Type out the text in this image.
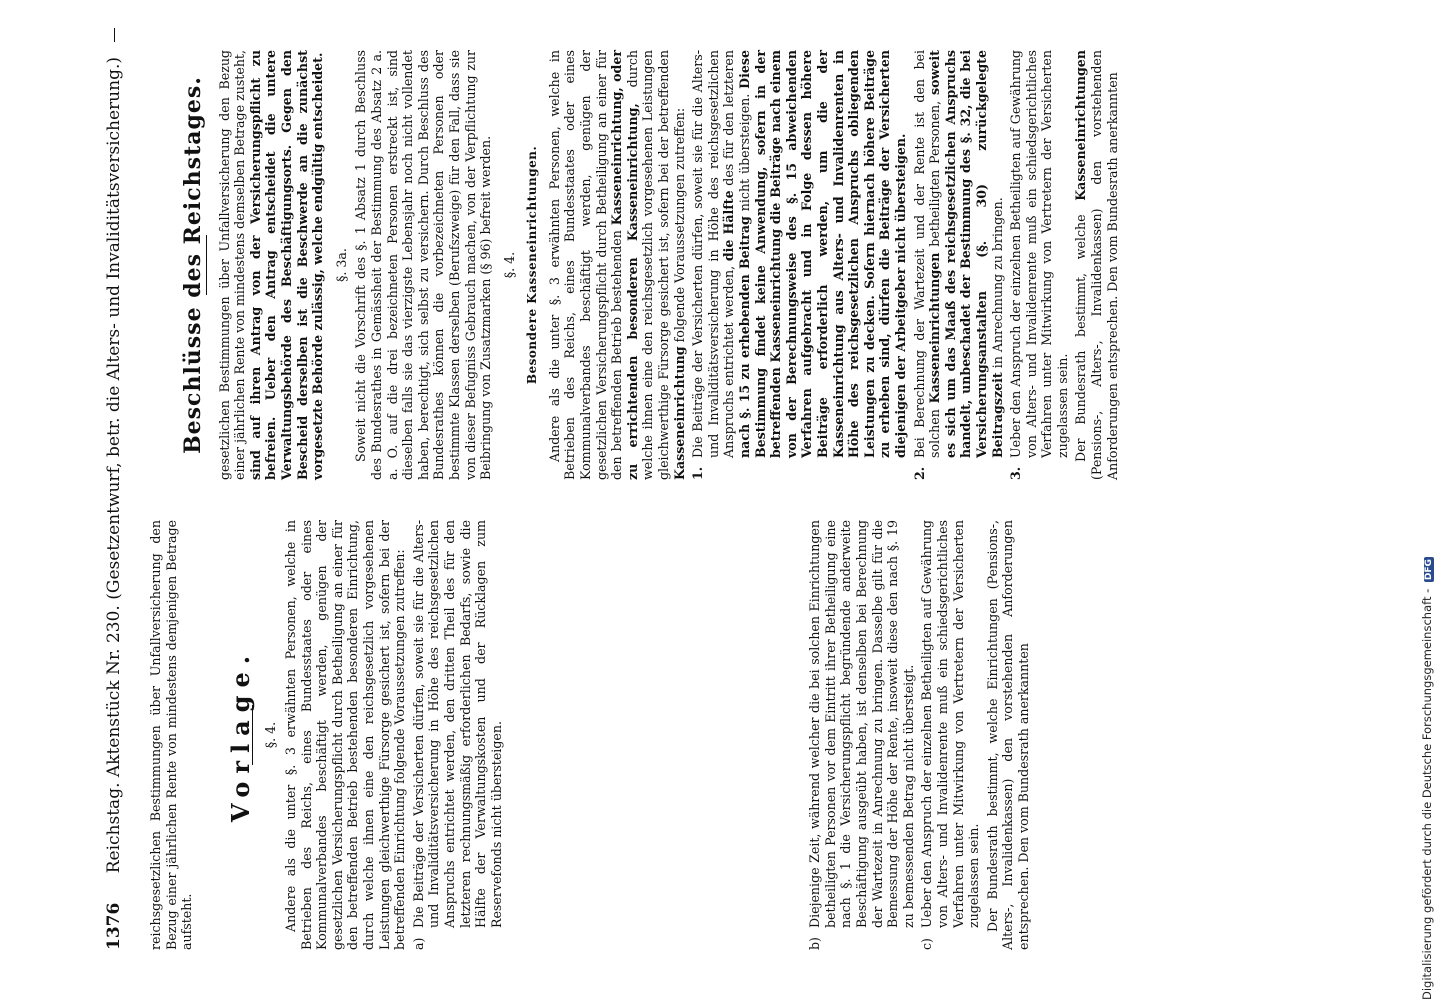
1376 Reichstag. Aktenstück Nr. 230. (Gesetzentwurf, betr. die Alters- und Invaliditätsversicherung.)	reichsgesetzlichen Bestimmungen über Unfallversicherung den Bezug einer jährlichen Rente von mindestens demjenigen Betrage aufsteht.

Vorlage. §. 4. Andere als die unter §. 3 erwähnten Personen, welche in Betrieben des Reichs, eines Bundesstaates oder eines Kommunalverbandes beschäftigt werden, genügen der gesetzlichen Versicherungspflicht durch Betheiligung an einer für den betreffenden Betrieb bestehenden besonderen Einrichtung, durch welche ihnen eine den reichsgesetzlich vorgesehenen Leistungen gleichwerthige Fürsorge gesichert ist, sofern bei der betreffenden Einrichtung folgende Voraussetzungen zutreffen: a)
Die Beiträge der Versicherten dürfen, soweit sie für die Alters- und Invaliditätsversicherung in Höhe des reichsgesetzlichen Anspruchs entrichtet werden, den dritten Theil des für den letzteren rechnungsmäßig erforderlichen Bedarfs, sowie die Hälfte der Verwaltungskosten und der Rücklagen zum Reservefonds nicht übersteigen.

b)
Diejenige Zeit, während welcher die bei solchen Einrichtungen betheiligten Personen vor dem Eintritt ihrer Betheiligung eine nach §. 1 die Versicherungspflicht begründende anderweite Beschäftigung ausgeübt haben, ist denselben bei Berechnung der Wartezeit in Anrechnung zu bringen. Dasselbe gilt für die Bemessung der Höhe der Rente, insoweit diese den nach §. 19 zu bemessenden Betrag nicht übersteigt.

c)
Ueber den Anspruch der einzelnen Betheiligten auf Gewährung von Alters- und Invalidenrente muß ein schiedsgerichtliches Verfahren unter Mitwirkung von Vertretern der Versicherten zugelassen sein. Der Bundesrath bestimmt, welche Einrichtungen (Pensions-, Alters-, Invalidenkassen) den vorstehenden Anforderungen entsprechen. Den vom Bundesrath anerkannten

Beschlüsse des Reichstages. gesetzlichen Bestimmungen über Unfallversicherung den Bezug einer jährlichen Rente von mindestens demselben Betrage zusteht, sind auf ihren Antrag von der Versicherungspflicht zu befreien. Ueber den Antrag entscheidet die untere Verwaltungsbehörde des Beschäftigungsorts. Gegen den Bescheid derselben ist die Beschwerde an die zunächst vorgesetzte Behörde zulässig, welche endgültig entscheidet. §. 3a. Soweit nicht die Vorschrift des §. 1 Absatz 1 durch Beschluss des Bundesrathes in Gemässheit der Bestimmung des Absatz 2 a. a. O. auf die drei bezeichneten Personen erstreckt ist, sind dieselben falls sie das vierzigste Lebensjahr noch nicht vollendet haben, berechtigt, sich selbst zu versichern. Durch Beschluss des Bundesrathes können die vorbezeichneten Personen oder bestimmte Klassen derselben (Berufszweige) für den Fall, dass sie von dieser Befugniss Gebrauch machen, von der Verpflichtung zur Beibringung von Zusatzmarken (§ 96) befreit werden. §. 4. Besondere Kasseneinrichtungen. Andere als die unter §. 3 erwähnten Personen, welche in Betrieben des Reichs, eines Bundesstaates oder eines Kommunalverbandes beschäftigt werden, genügen der gesetzlichen Versicherungspflicht durch Betheiligung an einer für den betreffenden Betrieb bestehenden Kasseneinrichtung, oder zu errichtenden besonderen Kasseneinrichtung, durch welche ihnen eine den reichsgesetzlich vorgesehenen Leistungen gleichwerthige Fürsorge gesichert ist, sofern bei der betreffenden Kasseneinrichtung folgende Voraussetzungen zutreffen:

1.
Die Beiträge der Versicherten dürfen, soweit sie für die Alters- und Invaliditätsversicherung in Höhe des reichsgesetzlichen Anspruchs entrichtet werden, die Hälfte des für den letzteren nach §. 15 zu erhebenden Beitrag nicht übersteigen. Diese Bestimmung findet keine Anwendung, sofern in der betreffenden Kasseneinrichtung die Beiträge nach einem von der Berechnungsweise des §. 15 abweichenden Verfahren aufgebracht und in Folge dessen höhere Beiträge erforderlich werden, um die der Kasseneinrichtung aus Alters- und Invalidenrenten in Höhe des reichsgesetzlichen Anspruchs obliegenden Leistungen zu decken. Sofern hiernach höhere Beiträge zu erheben sind, dürfen die Beiträge der Versicherten diejenigen der Arbeitgeber nicht übersteigen.

2.
Bei Berechnung der Wartezeit und der Rente ist den bei solchen Kasseneinrichtungen betheiligten Personen, soweit es sich um das Maaß des reichsgesetzlichen Anspruchs handelt, unbeschadet der Bestimmung des §. 32, die bei Versicherungsanstalten (§. 30) zurückgelegte Beitragszeit in Anrechnung zu bringen.

3.
Ueber den Anspruch der einzelnen Betheiligten auf Gewährung von Alters- und Invalidenrente muß ein schiedsgerichtliches Verfahren unter Mitwirkung von Vertretern der Versicherten zugelassen sein. Der Bundesrath bestimmt, welche Kasseneinrichtungen (Pensions-, Alters-, Invalidenkassen) den vorstehenden Anforderungen entsprechen. Den vom Bundesrath anerkannten

Digitalisierung gefördert durch die Deutsche Forschungsgemeinschaft - DFG
